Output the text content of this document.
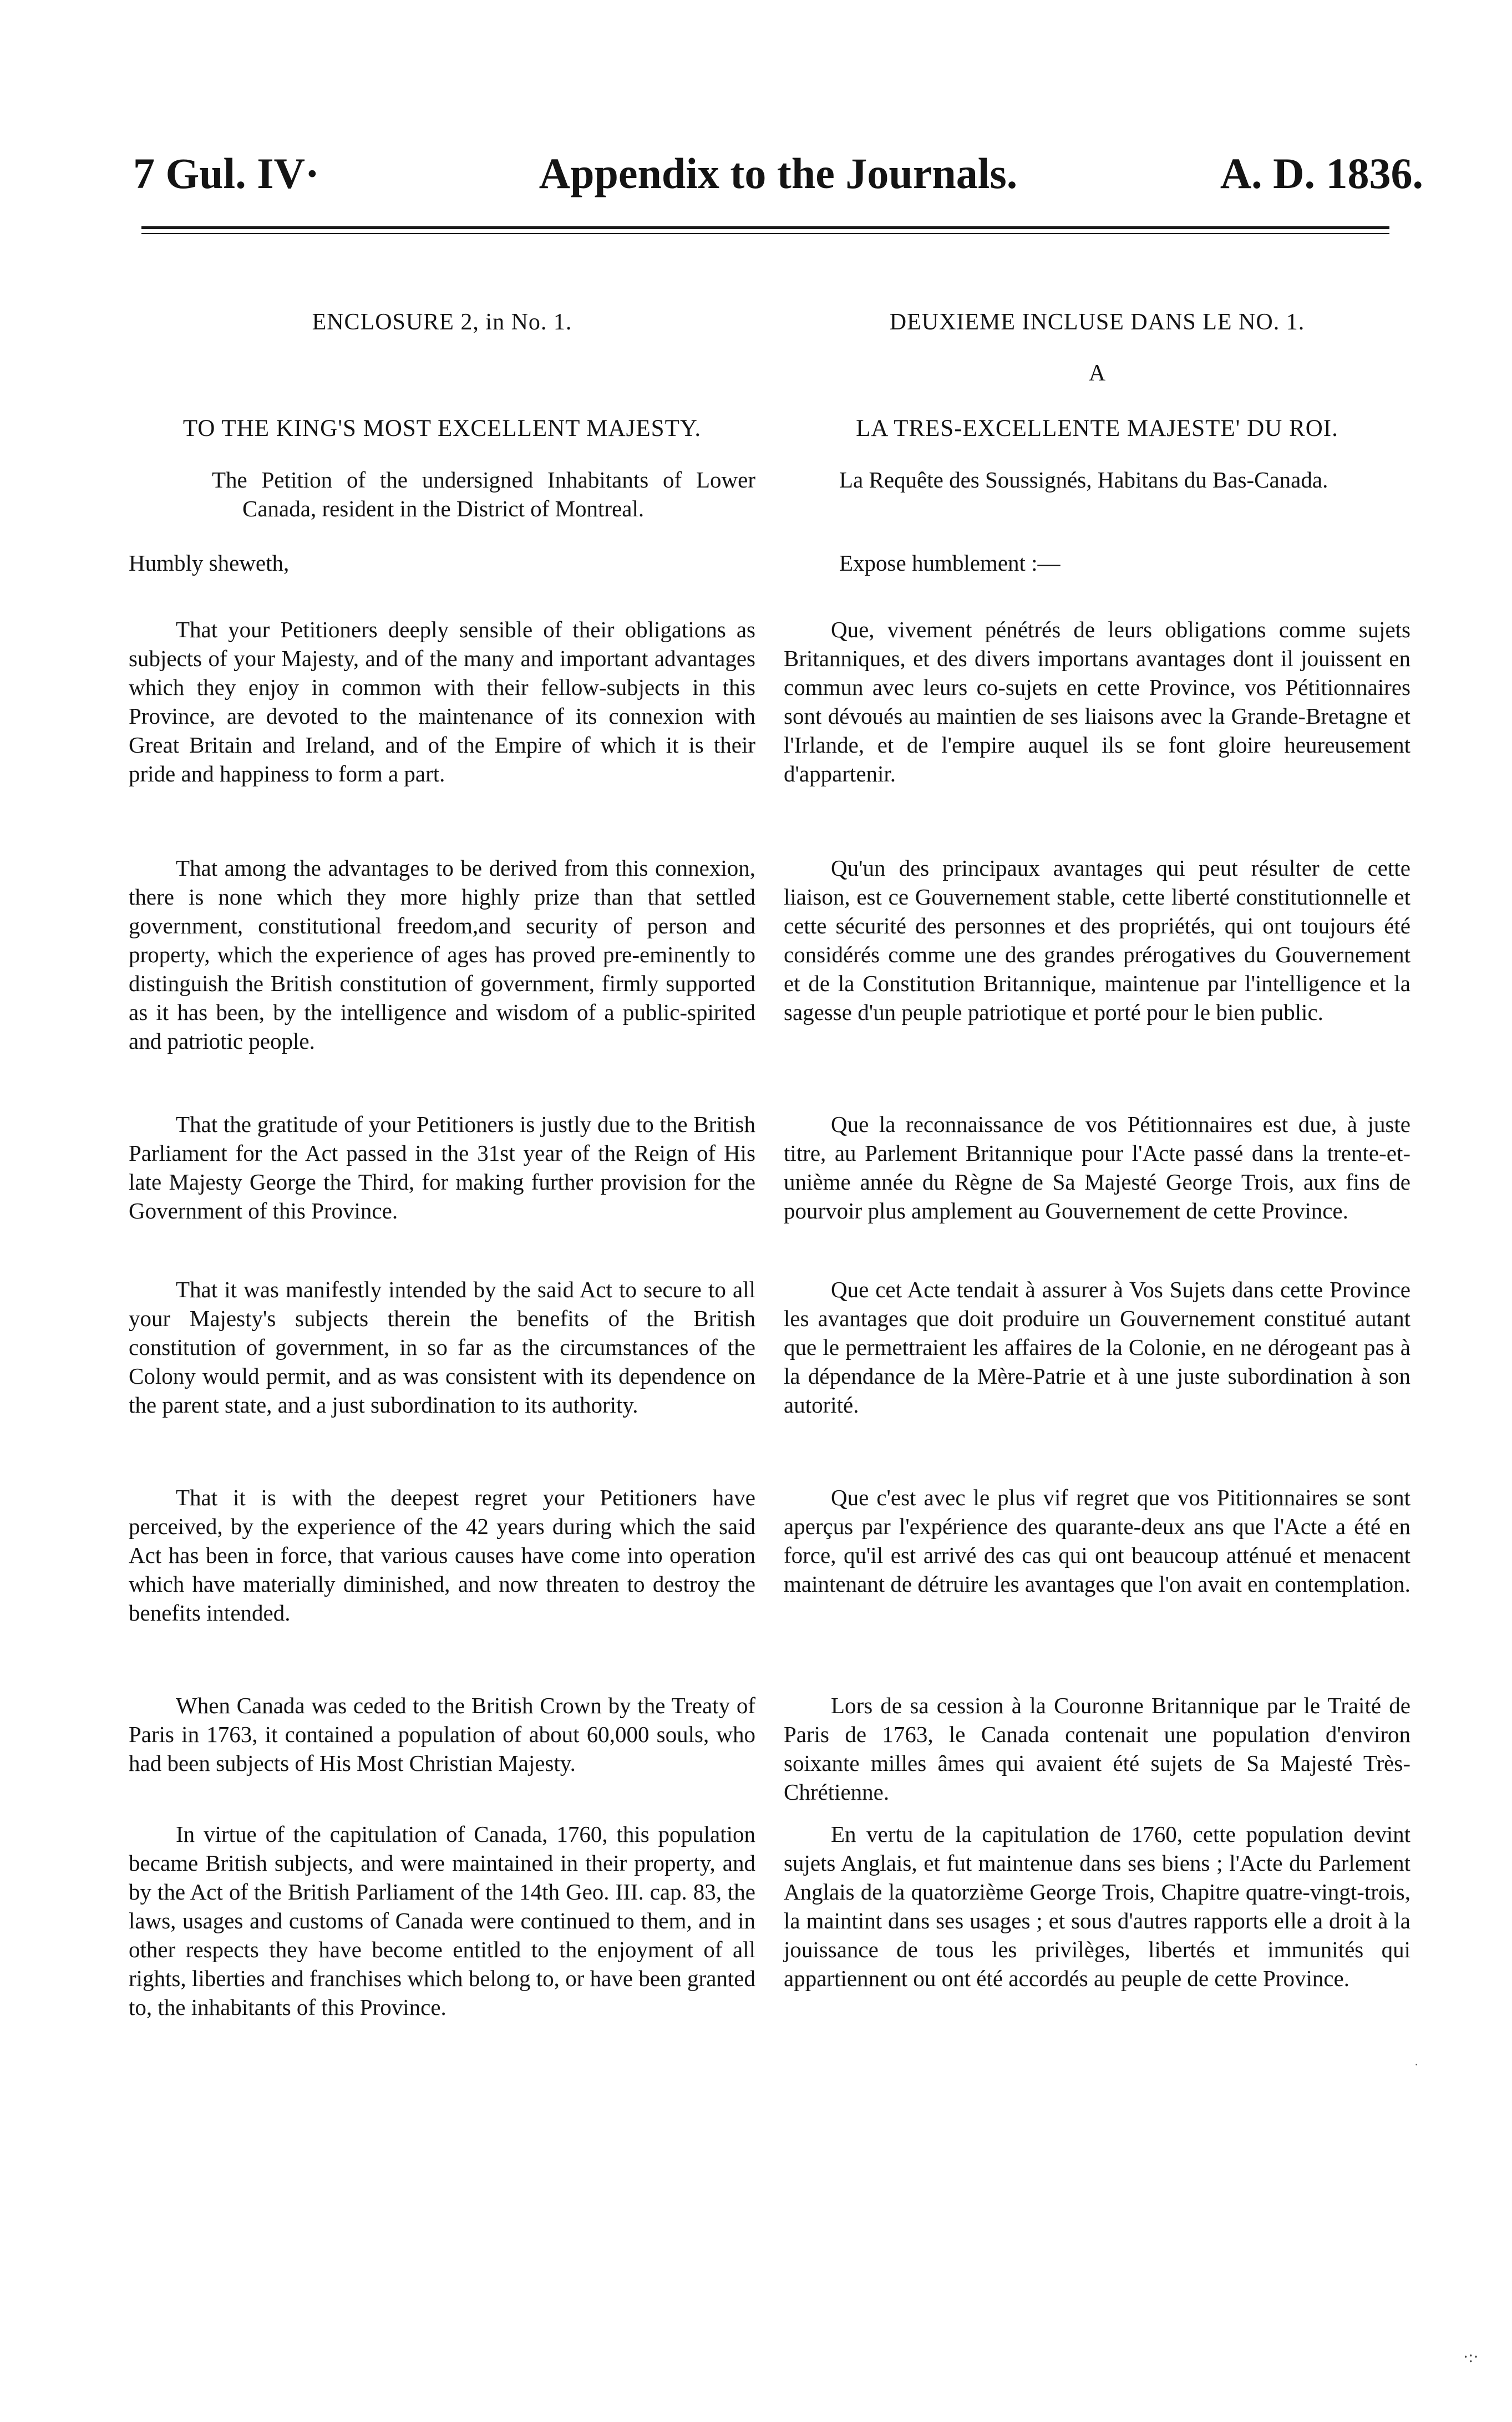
7 Gul. IV·	Appendix to the Journals.	A. D. 1836.
ENCLOSURE 2, in No. 1.
TO THE KING'S MOST EXCELLENT MAJESTY.
The Petition of the undersigned Inhabitants of Lower Canada, resident in the District of Montreal.
Humbly sheweth,

That your Petitioners deeply sensible of their obligations as subjects of your Majesty, and of the many and important advantages which they enjoy in common with their fellow-subjects in this Province, are devoted to the maintenance of its connexion with Great Britain and Ireland, and of the Empire of which it is their pride and happiness to form a part.

That among the advantages to be derived from this connexion, there is none which they more highly prize than that settled government, constitutional freedom,and security of person and property, which the experience of ages has proved pre-eminently to distinguish the British constitution of government, firmly supported as it has been, by the intelligence and wisdom of a public-spirited and patriotic people.

That the gratitude of your Petitioners is justly due to the British Parliament for the Act passed in the 31st year of the Reign of His late Majesty George the Third, for making further provision for the Government of this Province.

That it was manifestly intended by the said Act to secure to all your Majesty's subjects therein the benefits of the British constitution of government, in so far as the circumstances of the Colony would permit, and as was consistent with its dependence on the parent state, and a just subordination to its authority.

That it is with the deepest regret your Petitioners have perceived, by the experience of the 42 years during which the said Act has been in force, that various causes have come into operation which have materially diminished, and now threaten to destroy the benefits intended.

When Canada was ceded to the British Crown by the Treaty of Paris in 1763, it contained a population of about 60,000 souls, who had been subjects of His Most Christian Majesty.

In virtue of the capitulation of Canada, 1760, this population became British subjects, and were maintained in their property, and by the Act of the British Parliament of the 14th Geo. III. cap. 83, the laws, usages and customs of Canada were continued to them, and in other respects they have become entitled to the enjoyment of all rights, liberties and franchises which belong to, or have been granted to, the inhabitants of this Province.

DEUXIEME INCLUSE DANS LE NO. 1.
A
LA TRES-EXCELLENTE MAJESTE' DU ROI.
La Requête des Soussignés, Habitans du Bas-Canada.
Expose humblement :—

Que, vivement pénétrés de leurs obligations comme sujets Britanniques, et des divers importans avantages dont il jouissent en commun avec leurs co-sujets en cette Province, vos Pétitionnaires sont dévoués au maintien de ses liaisons avec la Grande-Bretagne et l'Irlande, et de l'empire auquel ils se font gloire heureusement d'appartenir.

Qu'un des principaux avantages qui peut résulter de cette liaison, est ce Gouvernement stable, cette liberté constitutionnelle et cette sécurité des personnes et des propriétés, qui ont toujours été considérés comme une des grandes prérogatives du Gouvernement et de la Constitution Britannique, maintenue par l'intelligence et la sagesse d'un peuple patriotique et porté pour le bien public.

Que la reconnaissance de vos Pétitionnaires est due, à juste titre, au Parlement Britannique pour l'Acte passé dans la trente-et-unième année du Règne de Sa Majesté George Trois, aux fins de pourvoir plus amplement au Gouvernement de cette Province.

Que cet Acte tendait à assurer à Vos Sujets dans cette Province les avantages que doit produire un Gouvernement constitué autant que le permettraient les affaires de la Colonie, en ne dérogeant pas à la dépendance de la Mère-Patrie et à une juste subordination à son autorité.

Que c'est avec le plus vif regret que vos Pititionnaires se sont aperçus par l'expérience des quarante-deux ans que l'Acte a été en force, qu'il est arrivé des cas qui ont beaucoup atténué et menacent maintenant de détruire les avantages que l'on avait en contemplation.

Lors de sa cession à la Couronne Britannique par le Traité de Paris de 1763, le Canada contenait une population d'environ soixante milles âmes qui avaient été sujets de Sa Majesté Très-Chrétienne.

En vertu de la capitulation de 1760, cette population devint sujets Anglais, et fut maintenue dans ses biens ; l'Acte du Parlement Anglais de la quatorzième George Trois, Chapitre quatre-vingt-trois, la maintint dans ses usages ; et sous d'autres rapports elle a droit à la jouissance de tous les privilèges, libertés et immunités qui appartiennent ou ont été accordés au peuple de cette Province.

·
·:·
